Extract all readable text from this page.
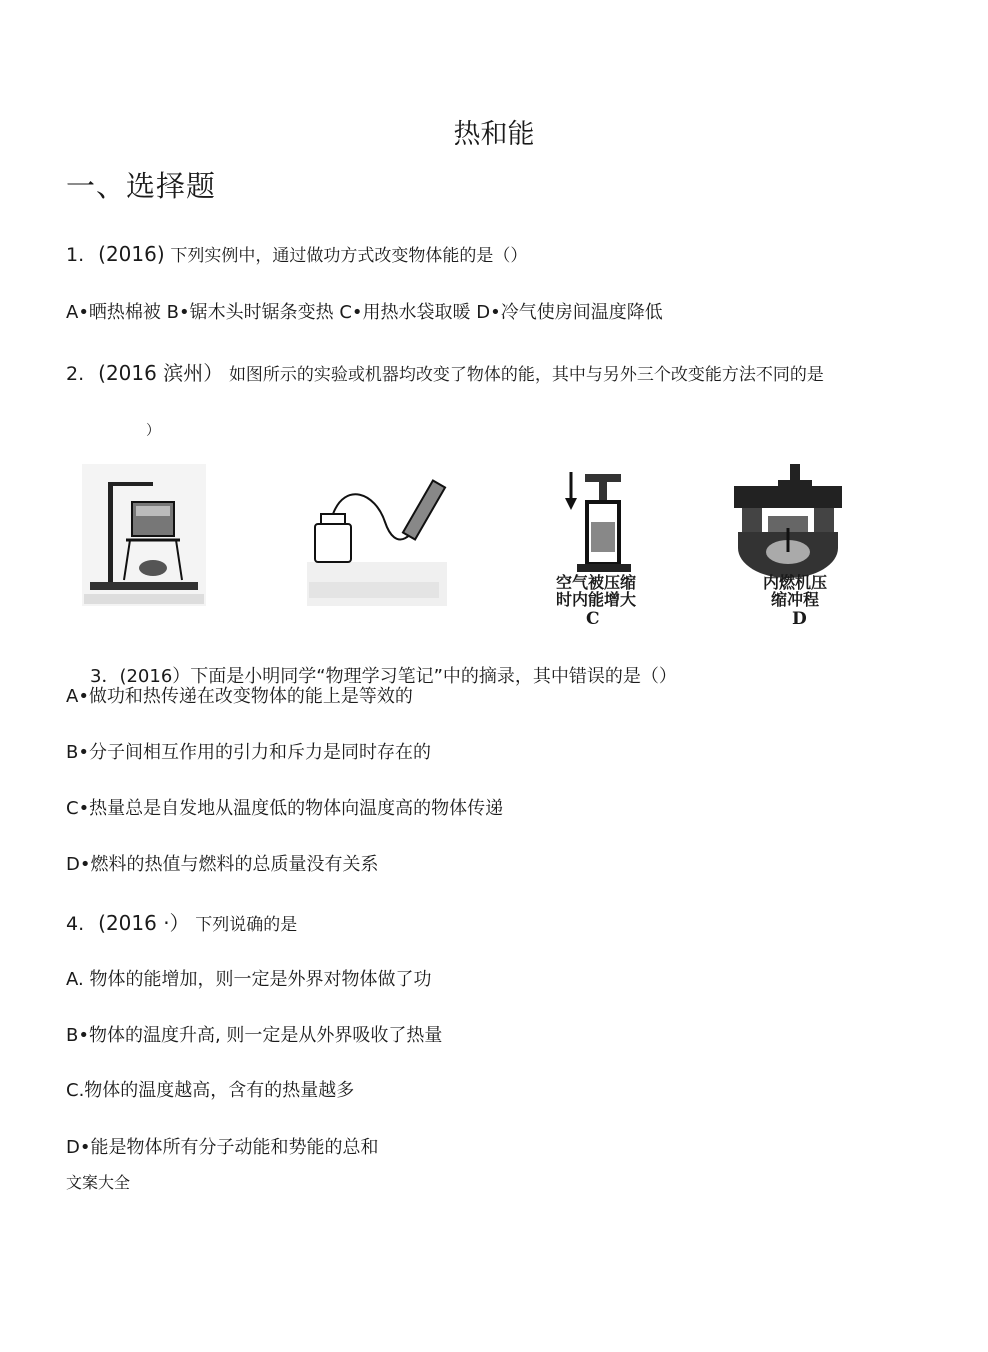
热和能
一、选择题
1. (2016) 下列实例中，通过做功方式改变物体能的是（）
A•晒热棉被 B•锯木头时锯条变热 C•用热水袋取暖 D•冷气使房间温度降低
2. (2016 滨州） 如图所示的实验或机器均改变了物体的能，其中与另外三个改变能方法不同的是
）
空气被压缩
时内能增大
C
内燃机压
缩冲程
D
3．(2016）下面是小明同学“物理学习笔记”中的摘录，其中错误的是（）
A•做功和热传递在改变物体的能上是等效的
B•分子间相互作用的引力和斥力是同时存在的
C•热量总是自发地从温度低的物体向温度高的物体传递
D•燃料的热值与燃料的总质量没有关系
4. (2016 ·） 下列说确的是
A. 物体的能增加，则一定是外界对物体做了功
B•物体的温度升高, 则一定是从外界吸收了热量
C.物体的温度越高，含有的热量越多
D•能是物体所有分子动能和势能的总和
文案大全
